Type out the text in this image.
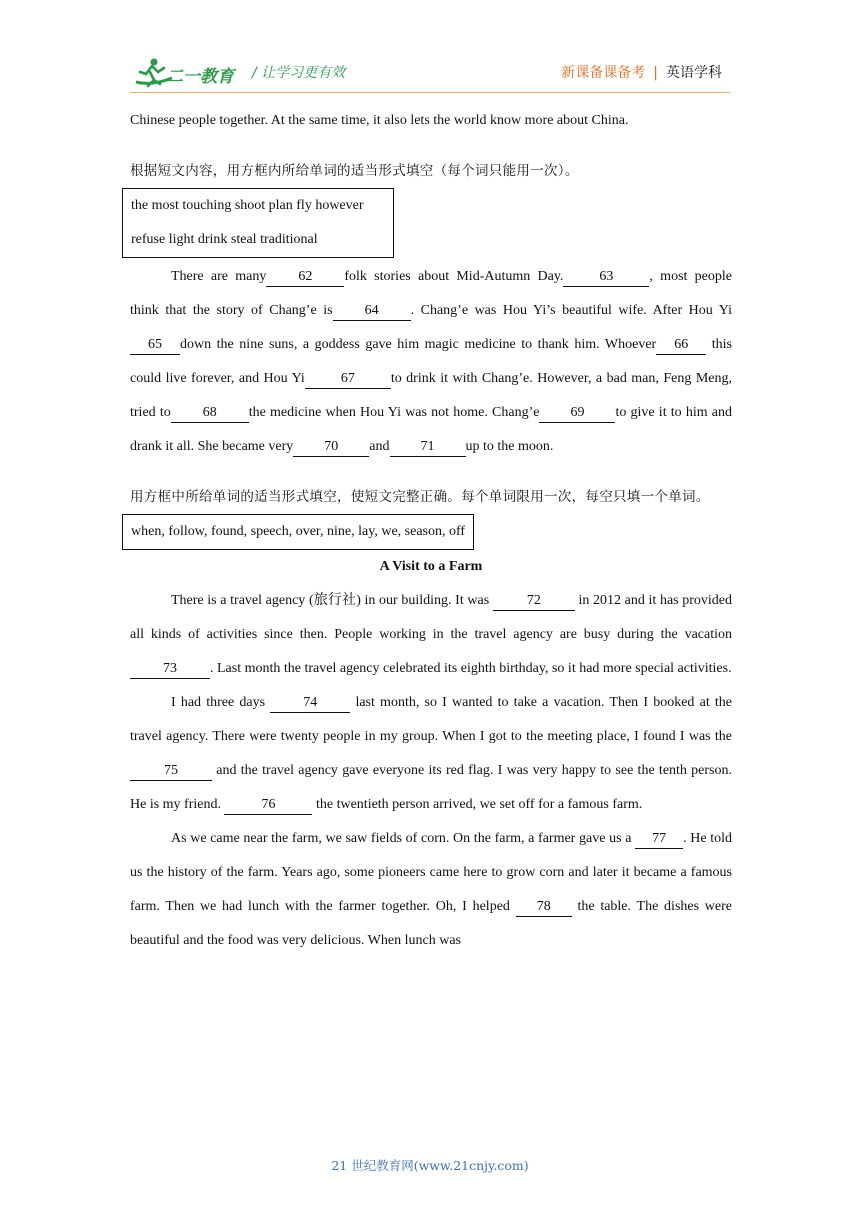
二一教育 / 让学习更有效	新课备课备考 | 英语学科

Chinese people together. At the same time, it also lets the world know more about China.

根据短文内容，用方框内所给单词的适当形式填空（每个词只能用一次）。

the most touching shoot plan fly however
refuse light drink steal traditional

There are many 62 folk stories about Mid-Autumn Day.	63	, most people think that the story of Chang’e is 64 . Chang’e was Hou Yi’s beautiful wife. After Hou Yi 65 down the nine suns, a goddess gave him magic medicine to thank him. Whoever 66 this could live forever, and Hou Yi	67	to drink it with Chang’e. However, a bad man, Feng Meng, tried to 68 the medicine when Hou Yi was not home. Chang’e 69 to give it to him and drank it all. She became very 70 and 71 up to the moon.

用方框中所给单词的适当形式填空，使短文完整正确。每个单词限用一次，每空只填一个单词。

when, follow, found, speech, over, nine, lay, we, season, off

A Visit to a Farm

There is a travel agency (旅行社) in our building. It was	72	in 2012 and it has provided all kinds of activities since then. People working in the travel agency are busy during the vacation 73 . Last month the travel agency celebrated its eighth birthday, so it had more special activities.

I had three days	74	last month, so I wanted to take a vacation. Then I booked at the travel agency. There were twenty people in my group. When I got to the meeting place, I found I was the 75	and the travel agency gave everyone its red flag. I was very happy to see the tenth person. He is my friend.	76	the twentieth person arrived, we set off for a famous farm.

As we came near the farm, we saw fields of corn. On the farm, a farmer gave us a 77 . He told us the history of the farm. Years ago, some pioneers came here to grow corn and later it became a famous farm. Then we had lunch with the farmer together. Oh, I helped 78 the table. The dishes were beautiful and the food was very delicious. When lunch was

21 世纪教育网(www.21cnjy.com)
